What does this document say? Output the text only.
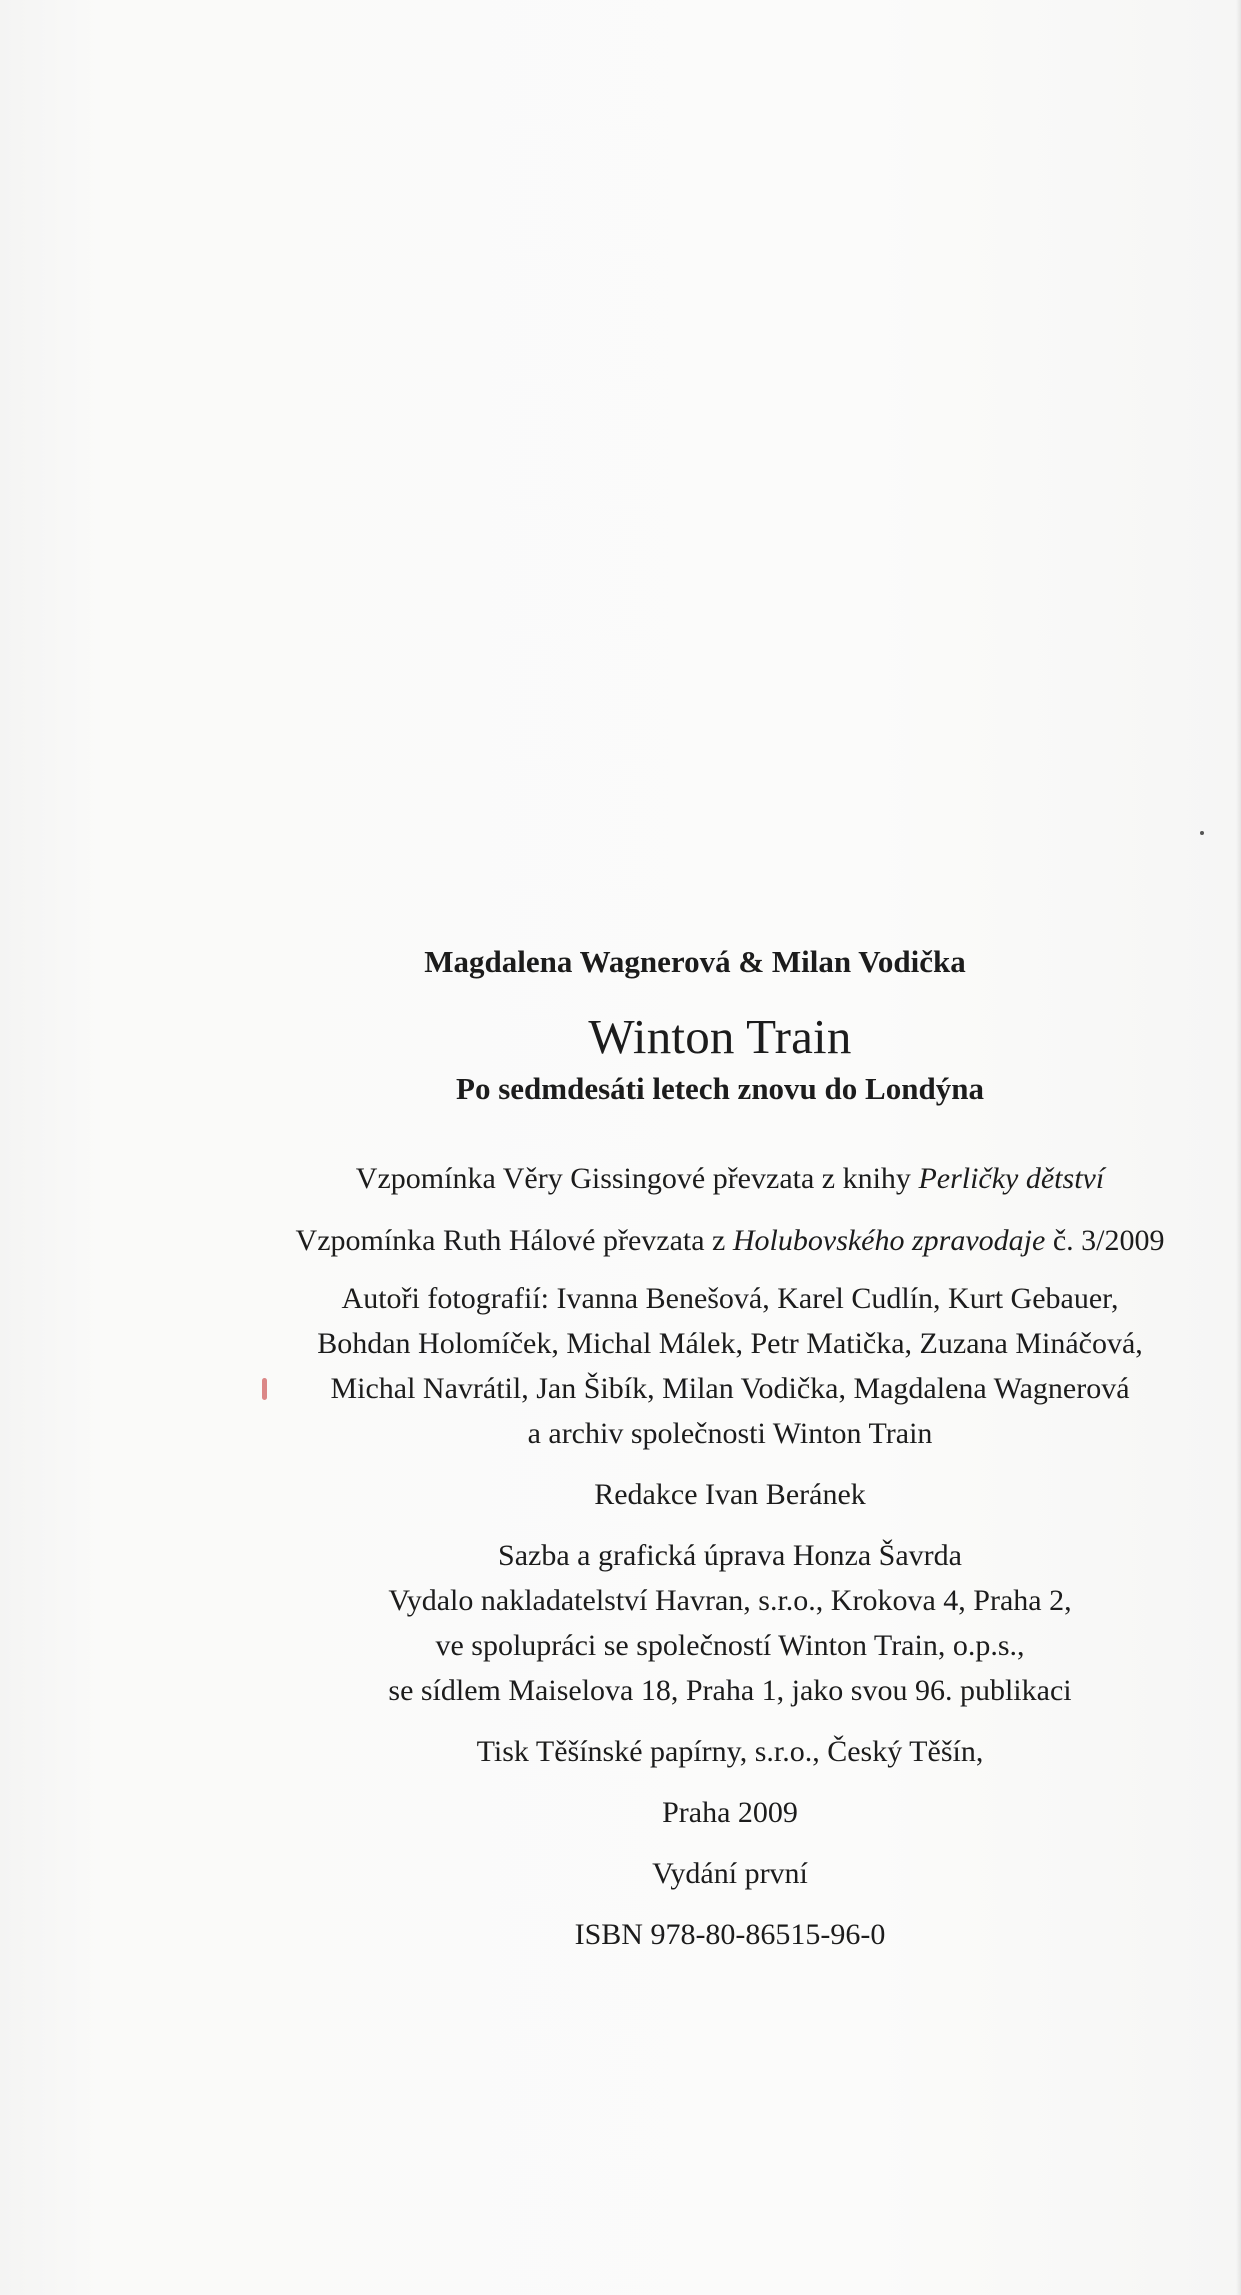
Magdalena Wagnerová & Milan Vodička
Winton Train
Po sedmdesáti letech znovu do Londýna
Vzpomínka Věry Gissingové převzata z knihy Perličky dětství
Vzpomínka Ruth Hálové převzata z Holubovského zpravodaje č. 3/2009
Autoři fotografií: Ivanna Benešová, Karel Cudlín, Kurt Gebauer,
Bohdan Holomíček, Michal Málek, Petr Matička, Zuzana Mináčová,
Michal Navrátil, Jan Šibík, Milan Vodička, Magdalena Wagnerová
a archiv společnosti Winton Train
Redakce Ivan Beránek
Sazba a grafická úprava Honza Šavrda
Vydalo nakladatelství Havran, s.r.o., Krokova 4, Praha 2,
ve spolupráci se společností Winton Train, o.p.s.,
se sídlem Maiselova 18, Praha 1, jako svou 96. publikaci
Tisk Těšínské papírny, s.r.o., Český Těšín,
Praha 2009
Vydání první
ISBN 978-80-86515-96-0
